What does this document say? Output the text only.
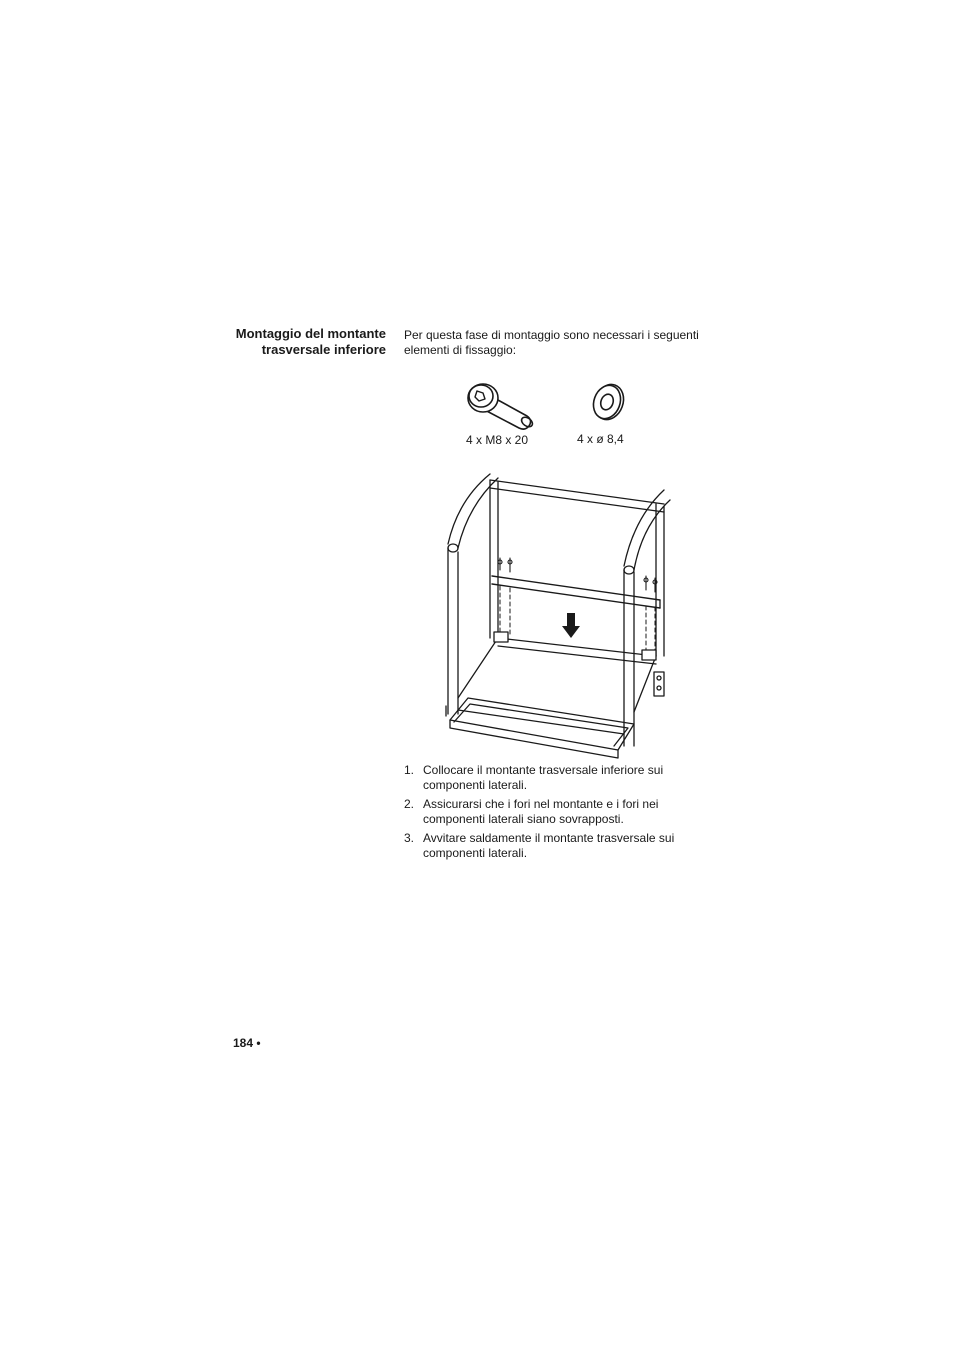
Montaggio del montante trasversale inferiore
Per questa fase di montaggio sono necessari i seguenti elementi di fissaggio:
4 x M8 x 20	4 x ø 8,4
1. Collocare il montante trasversale inferiore sui componenti laterali.
2. Assicurarsi che i fori nel montante e i fori nei componenti laterali siano sovrapposti.
3. Avvitare saldamente il montante trasversale sui componenti laterali.
184 •
